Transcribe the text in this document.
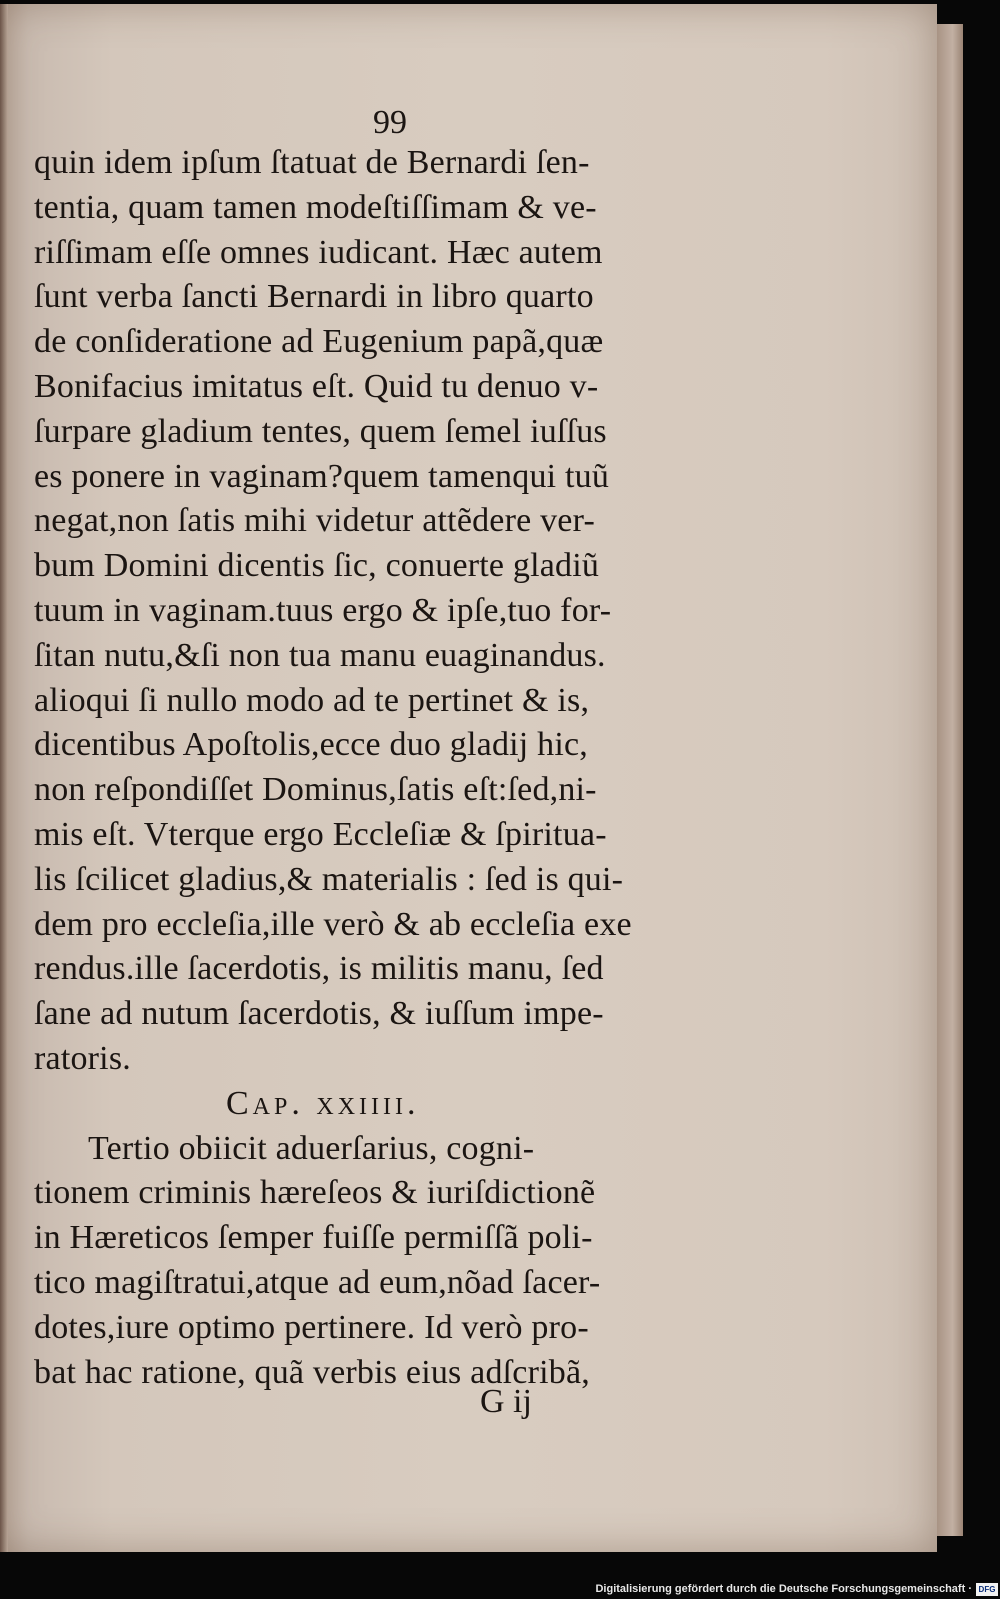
99
quin idem ipſum ſtatuat de Bernardi ſen-
tentia, quam tamen modeſtiſſimam & ve-
riſſimam eſſe omnes iudicant. Hæc autem
ſunt verba ſancti Bernardi in libro quarto
de conſideratione ad Eugenium papã,quæ
Bonifacius imitatus eſt. Quid tu denuo v-
ſurpare gladium tentes, quem ſemel iuſſus
es ponere in vaginam?quem tamenqui tuũ
negat,non ſatis mihi videtur attẽdere ver-
bum Domini dicentis ſic, conuerte gladiũ
tuum in vaginam.tuus ergo & ipſe,tuo for-
ſitan nutu,&ſi non tua manu euaginandus.
alioqui ſi nullo modo ad te pertinet & is,
dicentibus Apoſtolis,ecce duo gladij hic,
non reſpondiſſet Dominus,ſatis eſt:ſed,ni-
mis eſt. Vterque ergo Eccleſiæ & ſpiritua-
lis ſcilicet gladius,& materialis : ſed is qui-
dem pro eccleſia,ille verò & ab eccleſia exe
rendus.ille ſacerdotis, is militis manu, ſed
ſane ad nutum ſacerdotis, & iuſſum impe-
ratoris.
Cap. xxiiii.
Tertio obiicit aduerſarius, cogni-
tionem criminis hæreſeos & iuriſdictionẽ
in Hæreticos ſemper fuiſſe permiſſã poli-
tico magiſtratui,atque ad eum,nõad ſacer-
dotes,iure optimo pertinere. Id verò pro-
bat hac ratione, quã verbis eius adſcribã,
G ij
Digitalisierung gefördert durch die Deutsche Forschungsgemeinschaft · DFG
